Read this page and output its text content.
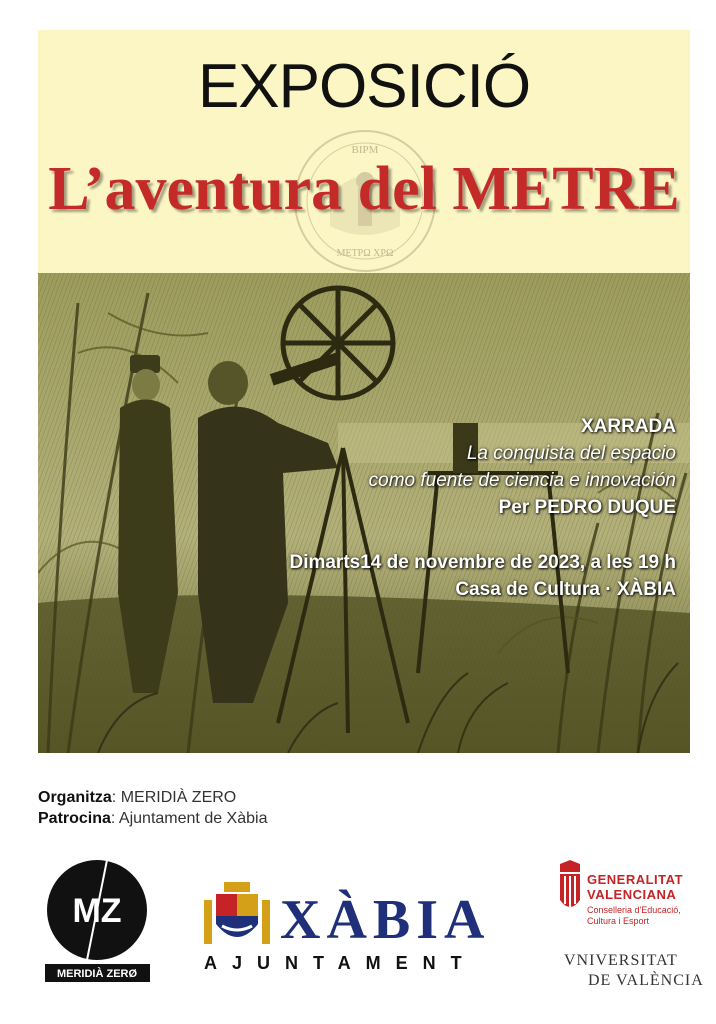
BIPM
ΜΕΤΡΩ ΧΡΩ
EXPOSICIÓ
L’aventura del METRE
XARRADA
La conquista del espacio
como fuente de ciencia e innovación
Per PEDRO DUQUE
Dimarts14 de novembre de 2023, a les 19 h
Casa de Cultura · XÀBIA
Organitza: MERIDIÀ ZERO
Patrocina: Ajuntament de Xàbia
MZ
MERIDIÀ ZERØ
XÀBIA
AJUNTAMENT
GENERALITAT
VALENCIANA
Conselleria d'Educació,
Cultura i Esport
VNIVERSITAT
DE VALÈNCIA
